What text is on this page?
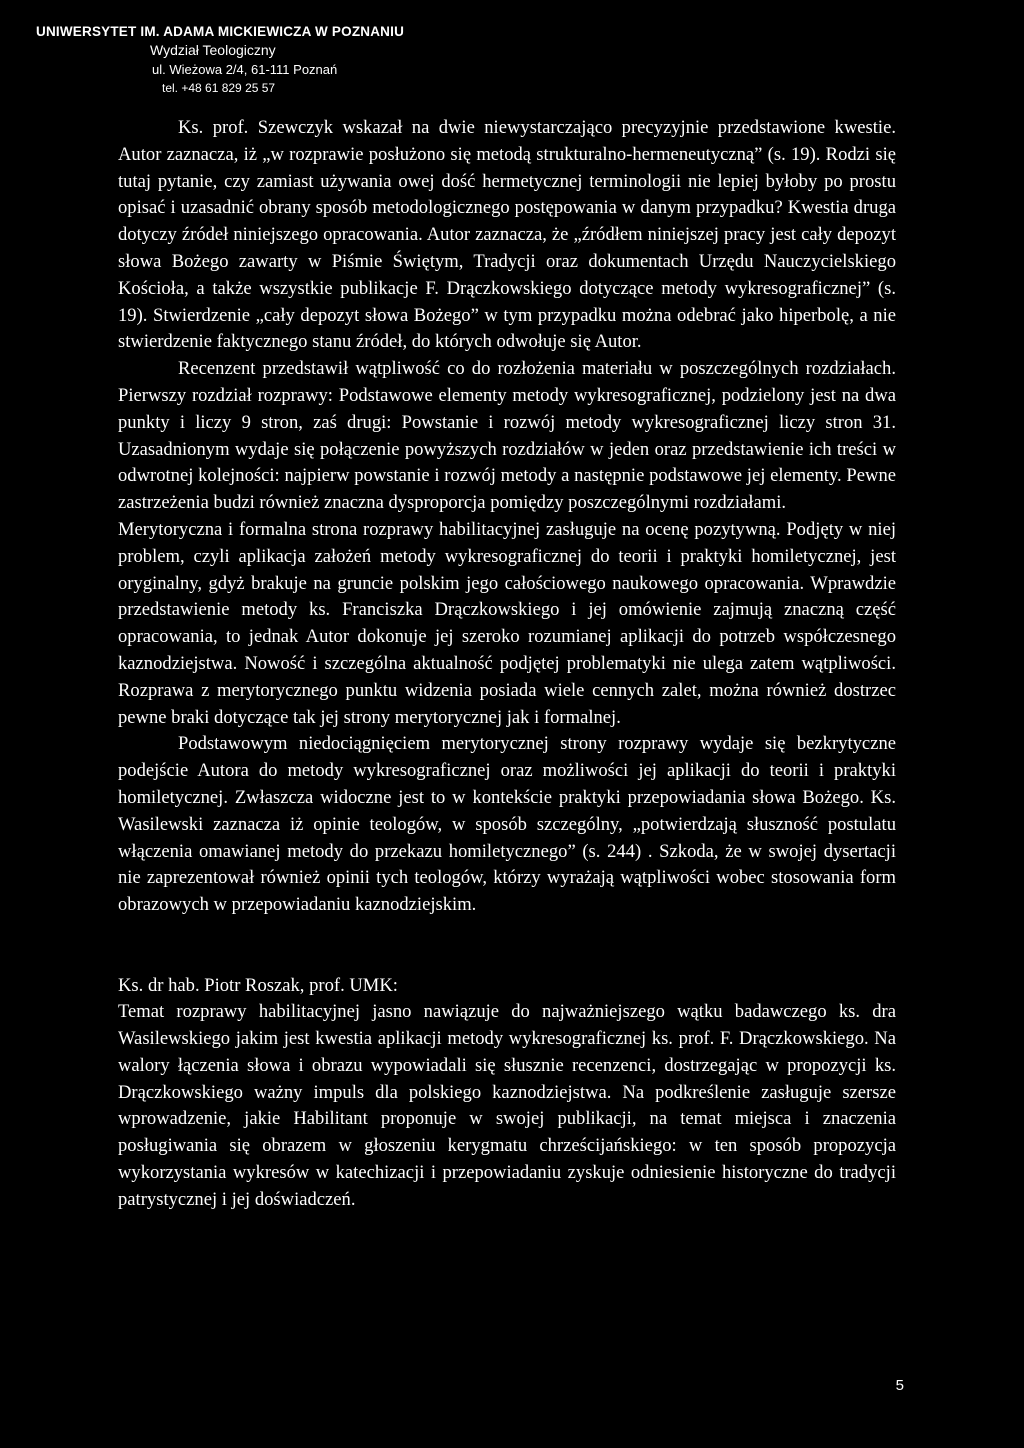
UNIWERSYTET IM. ADAMA MICKIEWICZA W POZNANIU
Wydział Teologiczny
ul. Wieżowa 2/4, 61-111 Poznań
tel. +48 61 829 25 57

Ks. prof. Szewczyk wskazał na dwie niewystarczająco precyzyjnie przedstawione kwestie. Autor zaznacza, iż „w rozprawie posłużono się metodą strukturalno-hermeneutyczną” (s. 19). Rodzi się tutaj pytanie, czy zamiast używania owej dość hermetycznej terminologii nie lepiej byłoby po prostu opisać i uzasadnić obrany sposób metodologicznego postępowania w danym przypadku? Kwestia druga dotyczy źródeł niniejszego opracowania. Autor zaznacza, że „źródłem niniejszej pracy jest cały depozyt słowa Bożego zawarty w Piśmie Świętym, Tradycji oraz dokumentach Urzędu Nauczycielskiego Kościoła, a także wszystkie publikacje F. Drączkowskiego dotyczące metody wykresograficznej” (s. 19). Stwierdzenie „cały depozyt słowa Bożego” w tym przypadku można odebrać jako hiperbolę, a nie stwierdzenie faktycznego stanu źródeł, do których odwołuje się Autor.

Recenzent przedstawił wątpliwość co do rozłożenia materiału w poszczególnych rozdziałach. Pierwszy rozdział rozprawy: Podstawowe elementy metody wykresograficznej, podzielony jest na dwa punkty i liczy 9 stron, zaś drugi: Powstanie i rozwój metody wykresograficznej liczy stron 31. Uzasadnionym wydaje się połączenie powyższych rozdziałów w jeden oraz przedstawienie ich treści w odwrotnej kolejności: najpierw powstanie i rozwój metody a następnie podstawowe jej elementy. Pewne zastrzeżenia budzi również znaczna dysproporcja pomiędzy poszczególnymi rozdziałami.

Merytoryczna i formalna strona rozprawy habilitacyjnej zasługuje na ocenę pozytywną. Podjęty w niej problem, czyli aplikacja założeń metody wykresograficznej do teorii i praktyki homiletycznej, jest oryginalny, gdyż brakuje na gruncie polskim jego całościowego naukowego opracowania. Wprawdzie przedstawienie metody ks. Franciszka Drączkowskiego i jej omówienie zajmują znaczną część opracowania, to jednak Autor dokonuje jej szeroko rozumianej aplikacji do potrzeb współczesnego kaznodziejstwa. Nowość i szczególna aktualność podjętej problematyki nie ulega zatem wątpliwości. Rozprawa z merytorycznego punktu widzenia posiada wiele cennych zalet, można również dostrzec pewne braki dotyczące tak jej strony merytorycznej jak i formalnej.

Podstawowym niedociągnięciem merytorycznej strony rozprawy wydaje się bezkrytyczne podejście Autora do metody wykresograficznej oraz możliwości jej aplikacji do teorii i praktyki homiletycznej. Zwłaszcza widoczne jest to w kontekście praktyki przepowiadania słowa Bożego. Ks. Wasilewski zaznacza iż opinie teologów, w sposób szczególny, „potwierdzają słuszność postulatu włączenia omawianej metody do przekazu homiletycznego” (s. 244) . Szkoda, że w swojej dysertacji nie zaprezentował również opinii tych teologów, którzy wyrażają wątpliwości wobec stosowania form obrazowych w przepowiadaniu kaznodziejskim.

Ks. dr hab. Piotr Roszak, prof. UMK:

Temat rozprawy habilitacyjnej jasno nawiązuje do najważniejszego wątku badawczego ks. dra Wasilewskiego jakim jest kwestia aplikacji metody wykresograficznej ks. prof. F. Drączkowskiego. Na walory łączenia słowa i obrazu wypowiadali się słusznie recenzenci, dostrzegając w propozycji ks. Drączkowskiego ważny impuls dla polskiego kaznodziejstwa. Na podkreślenie zasługuje szersze wprowadzenie, jakie Habilitant proponuje w swojej publikacji, na temat miejsca i znaczenia posługiwania się obrazem w głoszeniu kerygmatu chrześcijańskiego: w ten sposób propozycja wykorzystania wykresów w katechizacji i przepowiadaniu zyskuje odniesienie historyczne do tradycji patrystycznej i jej doświadczeń.

5
